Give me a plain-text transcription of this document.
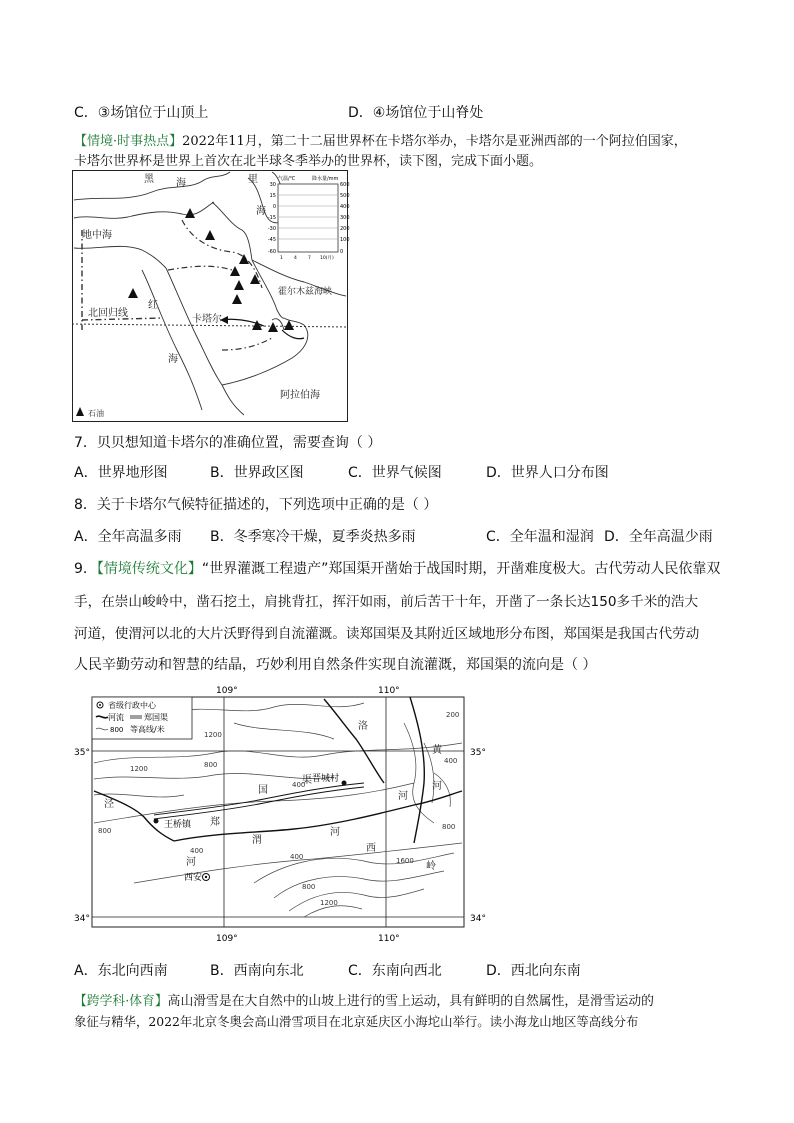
C．③场馆位于山顶上	D．④场馆位于山脊处
【情境·时事热点】2022年11月，第二十二届世界杯在卡塔尔举办，卡塔尔是亚洲西部的一个阿拉伯国家，
卡塔尔世界杯是世界上首次在北半球冬季举办的世界杯，读下图，完成下面小题。
气温/℃	降水量/mm
30
15
0
-15
-30
-45
-60
600
500
400
300
200
100
0
1 4 7 10(月)
黑 海	里
海
地中海
北回归线
红
海
卡塔尔
霍尔木兹海峡
阿拉伯海
石油
7．贝贝想知道卡塔尔的准确位置，需要查询（ ）
A．世界地形图	B．世界政区图	C．世界气候图	D．世界人口分布图
8．关于卡塔尔气候特征描述的，下列选项中正确的是（ ）
A．全年高温多雨 B．冬季寒冷干燥，夏季炎热多雨	C．全年温和湿润 D．全年高温少雨
9．【情境传统文化】“世界灌溉工程遗产”郑国渠开凿始于战国时期，开凿难度极大。古代劳动人民依靠双
手，在崇山峻岭中，凿石挖土，肩挑背扛，挥汗如雨，前后苦干十年，开凿了一条长达150多千米的浩大
河道，使渭河以北的大片沃野得到自流灌溉。读郑国渠及其附近区域地形分布图，郑国渠是我国古代劳动
人民辛勤劳动和智慧的结晶，巧妙利用自然条件实现自流灌溉，郑国渠的流向是（ ）
109°	110°
35°	35°
34°	34°
109°	110°
省级行政中心
河流	郑国渠
800 等高线/米
王桥镇
晋城村
西安
泾
河
郑
国
渠
渭
河
洛
河
黄
河
西
岭
1200
1200	800
400
800
400
400
800
1200
1600
200
400
800
A．东北向西南	B．西南向东北	C．东南向西北	D．西北向东南
【跨学科·体育】高山滑雪是在大自然中的山坡上进行的雪上运动，具有鲜明的自然属性，是滑雪运动的
象征与精华，2022年北京冬奥会高山滑雪项目在北京延庆区小海坨山举行。读小海龙山地区等高线分布
